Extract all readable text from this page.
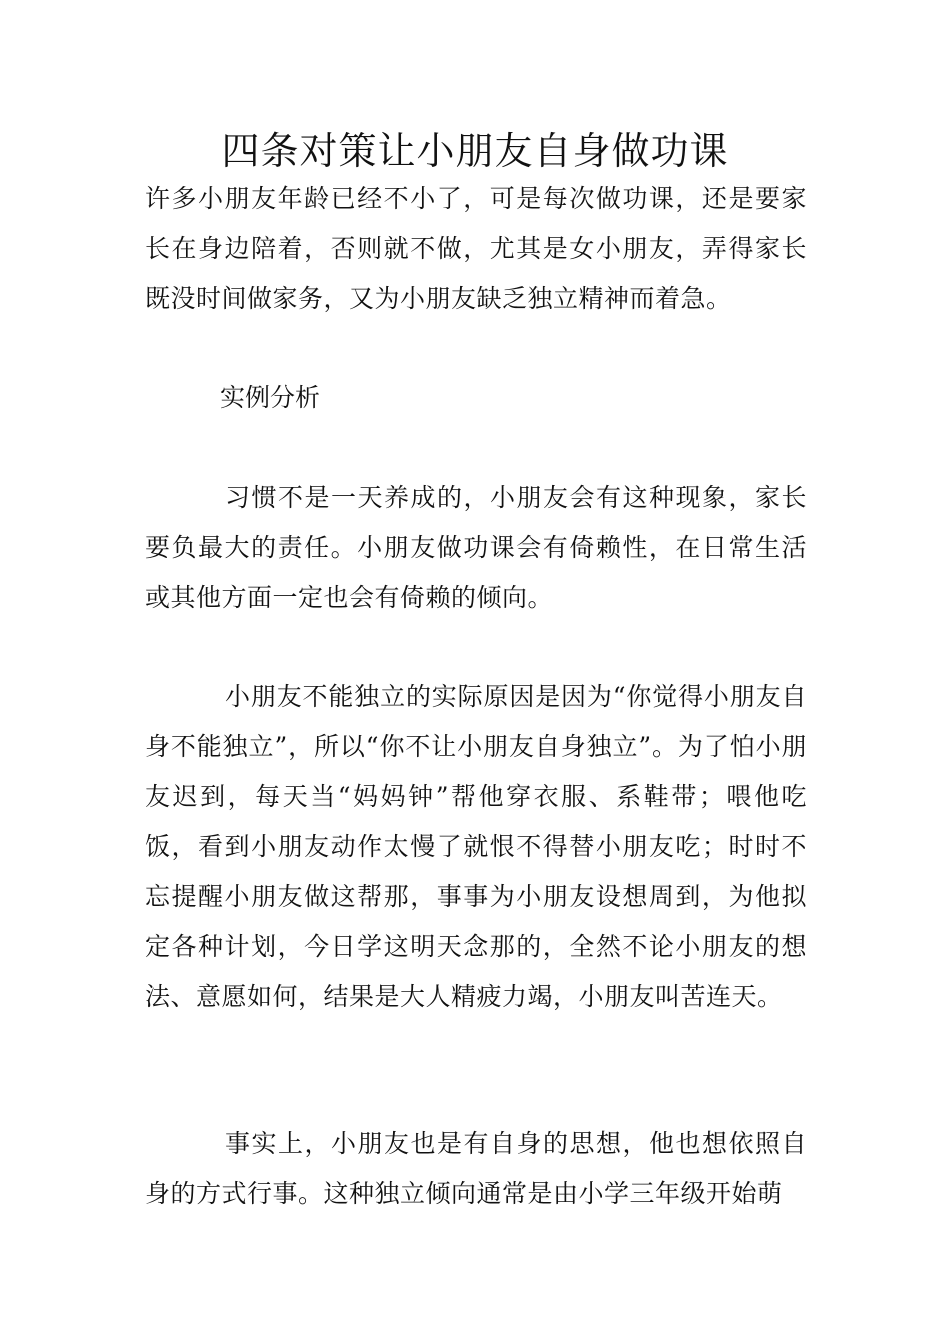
四条对策让小朋友自身做功课

许多小朋友年龄已经不小了，可是每次做功课，还是要家长在身边陪着，否则就不做，尤其是女小朋友，弄得家长既没时间做家务，又为小朋友缺乏独立精神而着急。

实例分析

习惯不是一天养成的，小朋友会有这种现象，家长要负最大的责任。小朋友做功课会有倚赖性，在日常生活或其他方面一定也会有倚赖的倾向。

小朋友不能独立的实际原因是因为“你觉得小朋友自身不能独立”，所以“你不让小朋友自身独立”。为了怕小朋友迟到，每天当“妈妈钟”帮他穿衣服、系鞋带；喂他吃饭，看到小朋友动作太慢了就恨不得替小朋友吃；时时不忘提醒小朋友做这帮那，事事为小朋友设想周到，为他拟定各种计划，今日学这明天念那的，全然不论小朋友的想法、意愿如何，结果是大人精疲力竭，小朋友叫苦连天。

事实上，小朋友也是有自身的思想，他也想依照自身的方式行事。这种独立倾向通常是由小学三年级开始萌
